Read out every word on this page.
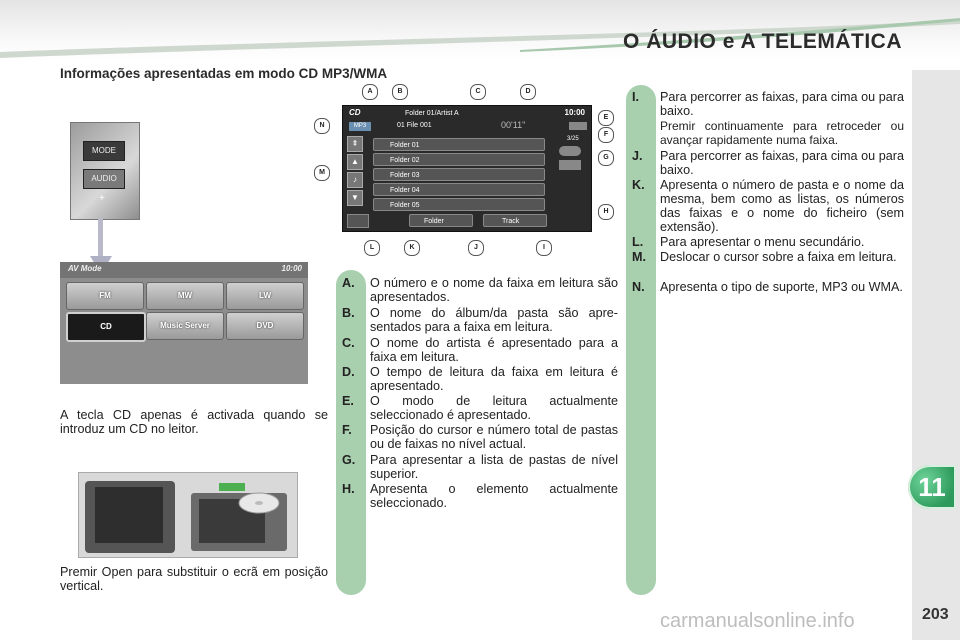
O ÁUDIO e A TELEMÁTICA
Informações apresentadas em modo CD MP3/WMA
11
carmanualsonline.info	203
MODE
AUDIO
+
AV Mode	10:00
FM	MW	LW
CD	Music Server	DVD
A tecla CD apenas é activada quando se introduz um CD no leitor.
Premir Open para substituir o ecrã em posição vertical.
CD	10:00
MP3
Folder 01/Artist A
01 File 001	00'11"
3/25
⇞
▲
♪
▼
Folder 01
Folder 02
Folder 03
Folder 04
Folder 05
Folder	Track
A	B	C	D
E
F
G
H
I
J
K
L
M
N
A.	O número e o nome da faixa em leitura são apresentados.
B.	O nome do álbum/da pasta são apre-sentados para a faixa em leitura.
C.	O nome do artista é apresentado para a faixa em leitura.
D.	O tempo de leitura da faixa em leitura é apresentado.
E.	O modo de leitura actualmente seleccionado é apresentado.
F.	Posição do cursor e número total de pastas ou de faixas no nível actual.
G.	Para apresentar a lista de pastas de nível superior.
H.	Apresenta o elemento actualmente seleccionado.
I.	Para percorrer as faixas, para cima ou para baixo.
Premir continuamente para retroceder ou avançar rapidamente numa faixa.
J.	Para percorrer as faixas, para cima ou para baixo.
K.	Apresenta o número de pasta e o nome da mesma, bem como as listas, os números das faixas e o nome do ficheiro (sem extensão).
L.	Para apresentar o menu secundário.
M.	Deslocar o cursor sobre a faixa em leitura.
N.	Apresenta o tipo de suporte, MP3 ou WMA.
